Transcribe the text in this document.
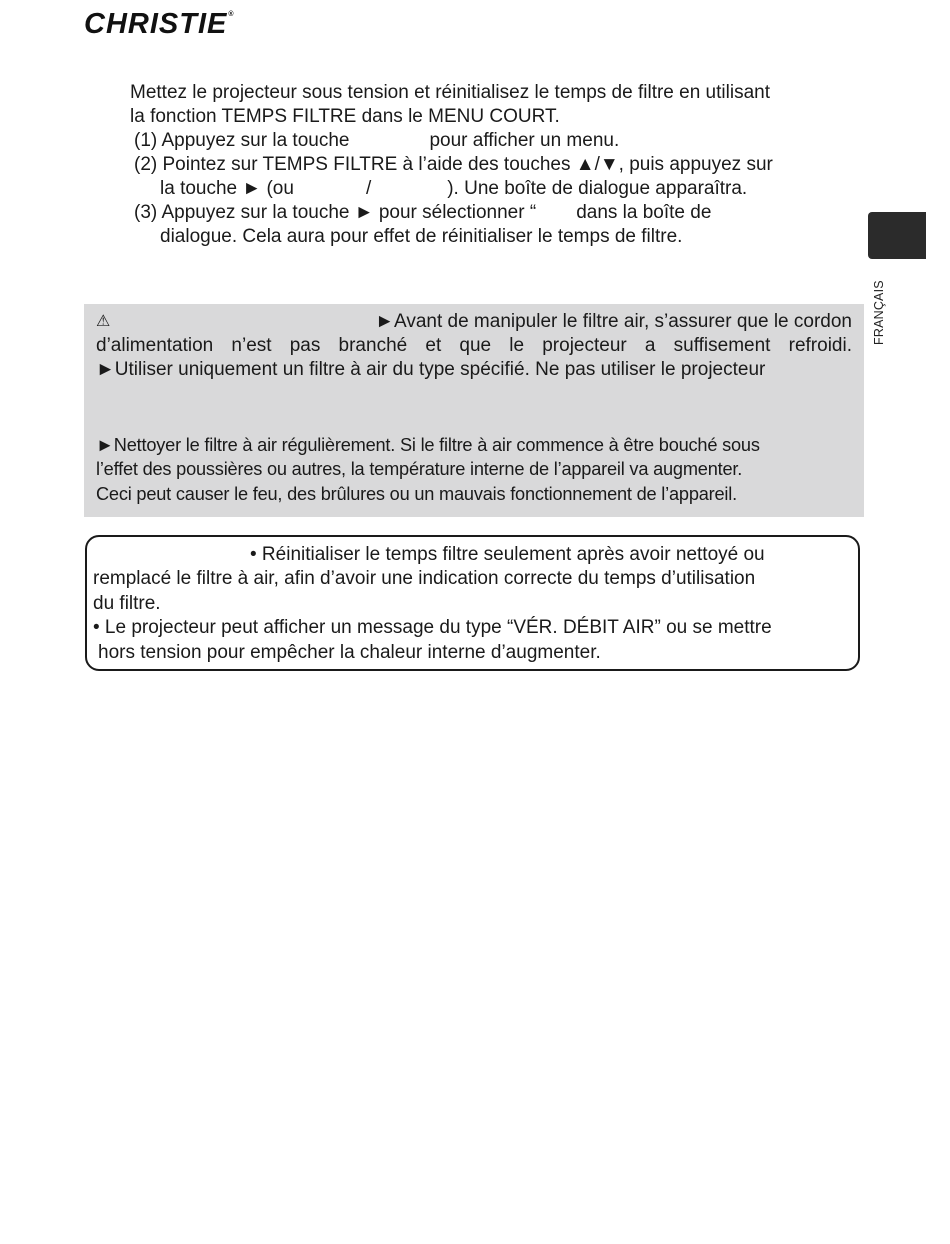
CHRISTIE®
FRANÇAIS
Mettez le projecteur sous tension et réinitialisez le temps de filtre en utilisant
la fonction TEMPS FILTRE dans le MENU COURT.
(1) Appuyez sur la touche	pour afficher un menu.
(2) Pointez sur TEMPS FILTRE à l’aide des touches ▲/▼, puis appuyez sur
la touche ► (ou	/	). Une boîte de dialogue apparaîtra.
(3) Appuyez sur la touche ► pour sélectionner “ dans la boîte de
dialogue. Cela aura pour effet de réinitialiser le temps de filtre.
⚠	►Avant de manipuler le filtre air, s’assurer que le cordon
d’alimentation n’est pas branché et que le projecteur a suffisement refroidi.
►Utiliser uniquement un filtre à air du type spécifié. Ne pas utiliser le projecteur
►Nettoyer le filtre à air régulièrement. Si le filtre à air commence à être bouché sous
l’effet des poussières ou autres, la température interne de l’appareil va augmenter.
Ceci peut causer le feu, des brûlures ou un mauvais fonctionnement de l’appareil.
• Réinitialiser le temps filtre seulement après avoir nettoyé ou
remplacé le filtre à air, afin d’avoir une indication correcte du temps d’utilisation
du filtre.
• Le projecteur peut afficher un message du type “VÉR. DÉBIT AIR” ou se mettre
hors tension pour empêcher la chaleur interne d’augmenter.
